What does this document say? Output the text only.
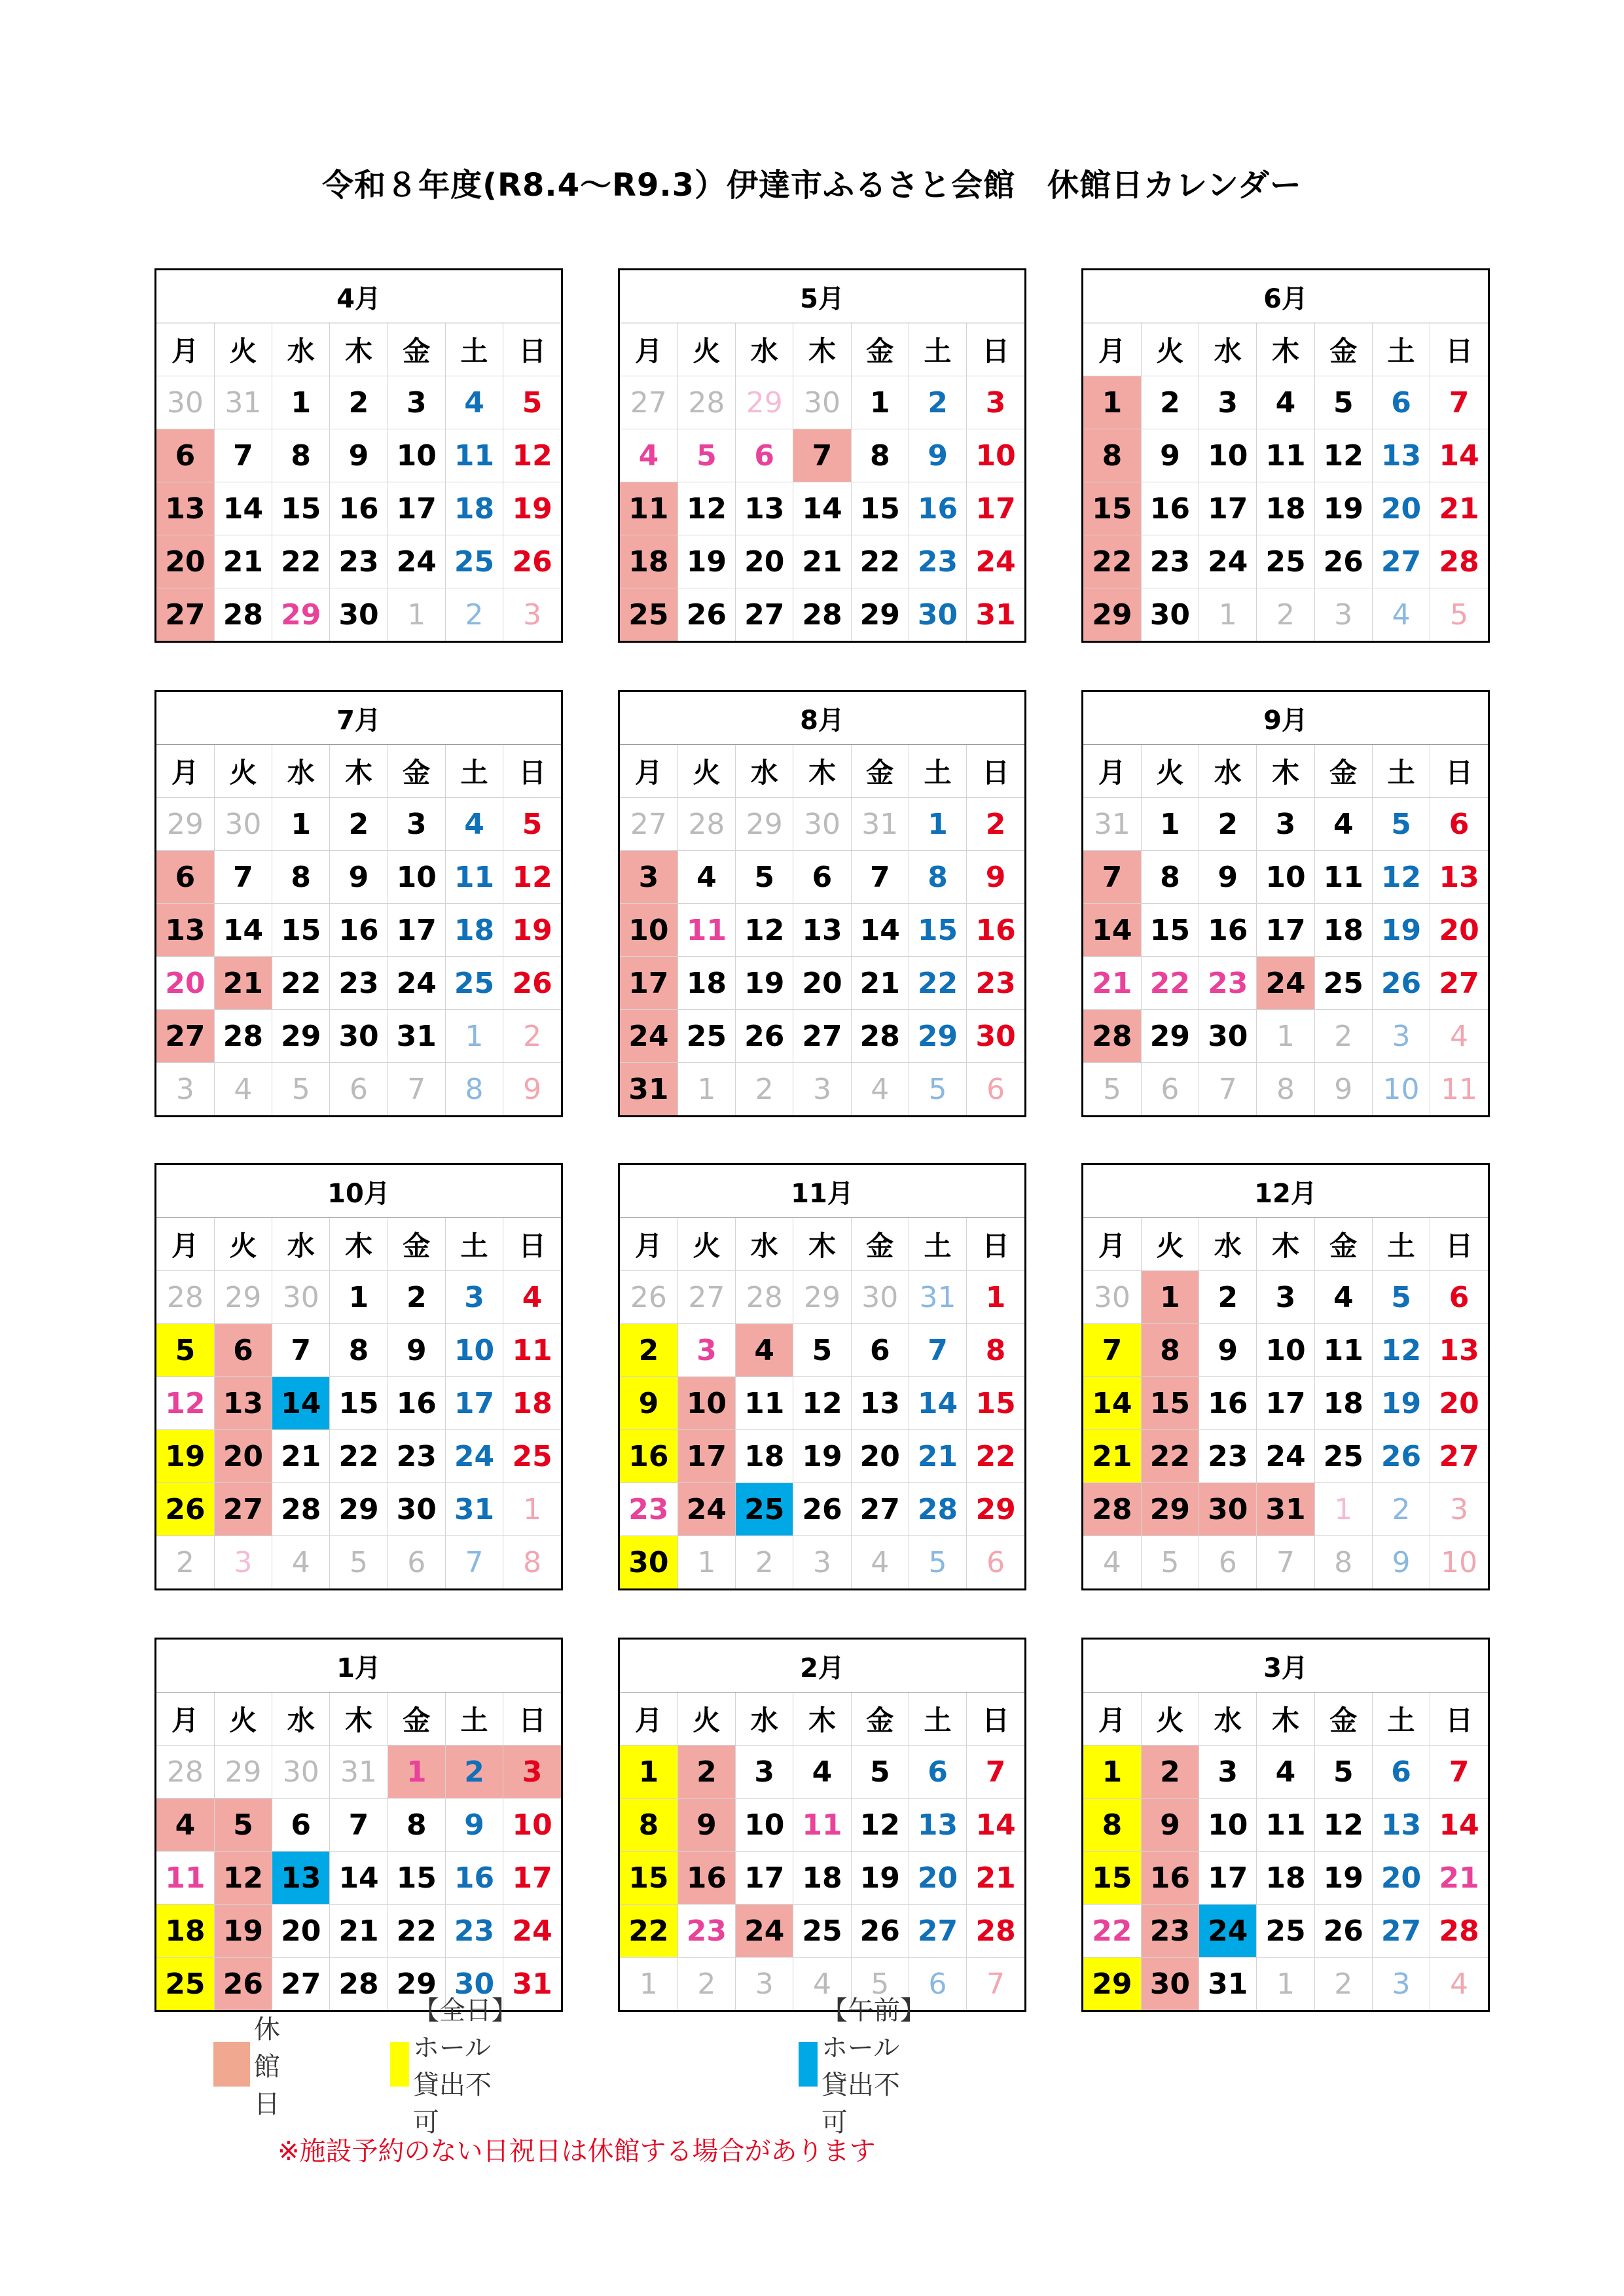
令和８年度(R8.4～R9.3）伊達市ふるさと会館　休館日カレンダー
4月						
月	火	水	木	金	土	日
30	31	1	2	3	4	5
6	7	8	9	10	11	12
13	14	15	16	17	18	19
20	21	22	23	24	25	26
27	28	29	30	1	2	3
5月						
月	火	水	木	金	土	日
27	28	29	30	1	2	3
4	5	6	7	8	9	10
11	12	13	14	15	16	17
18	19	20	21	22	23	24
25	26	27	28	29	30	31
6月						
月	火	水	木	金	土	日
1	2	3	4	5	6	7
8	9	10	11	12	13	14
15	16	17	18	19	20	21
22	23	24	25	26	27	28
29	30	1	2	3	4	5
7月						
月	火	水	木	金	土	日
29	30	1	2	3	4	5
6	7	8	9	10	11	12
13	14	15	16	17	18	19
20	21	22	23	24	25	26
27	28	29	30	31	1	2
3	4	5	6	7	8	9
8月						
月	火	水	木	金	土	日
27	28	29	30	31	1	2
3	4	5	6	7	8	9
10	11	12	13	14	15	16
17	18	19	20	21	22	23
24	25	26	27	28	29	30
31	1	2	3	4	5	6
9月						
月	火	水	木	金	土	日
31	1	2	3	4	5	6
7	8	9	10	11	12	13
14	15	16	17	18	19	20
21	22	23	24	25	26	27
28	29	30	1	2	3	4
5	6	7	8	9	10	11
10月						
月	火	水	木	金	土	日
28	29	30	1	2	3	4
5	6	7	8	9	10	11
12	13	14	15	16	17	18
19	20	21	22	23	24	25
26	27	28	29	30	31	1
2	3	4	5	6	7	8
11月						
月	火	水	木	金	土	日
26	27	28	29	30	31	1
2	3	4	5	6	7	8
9	10	11	12	13	14	15
16	17	18	19	20	21	22
23	24	25	26	27	28	29
30	1	2	3	4	5	6
12月						
月	火	水	木	金	土	日
30	1	2	3	4	5	6
7	8	9	10	11	12	13
14	15	16	17	18	19	20
21	22	23	24	25	26	27
28	29	30	31	1	2	3
4	5	6	7	8	9	10
1月						
月	火	水	木	金	土	日
28	29	30	31	1	2	3
4	5	6	7	8	9	10
11	12	13	14	15	16	17
18	19	20	21	22	23	24
25	26	27	28	29	30	31
2月						
月	火	水	木	金	土	日
1	2	3	4	5	6	7
8	9	10	11	12	13	14
15	16	17	18	19	20	21
22	23	24	25	26	27	28
1	2	3	4	5	6	7
3月						
月	火	水	木	金	土	日
1	2	3	4	5	6	7
8	9	10	11	12	13	14
15	16	17	18	19	20	21
22	23	24	25	26	27	28
29	30	31	1	2	3	4
休館日
【全日】ホール貸出不可
【午前】ホール貸出不可
※施設予約のない日祝日は休館する場合があります
